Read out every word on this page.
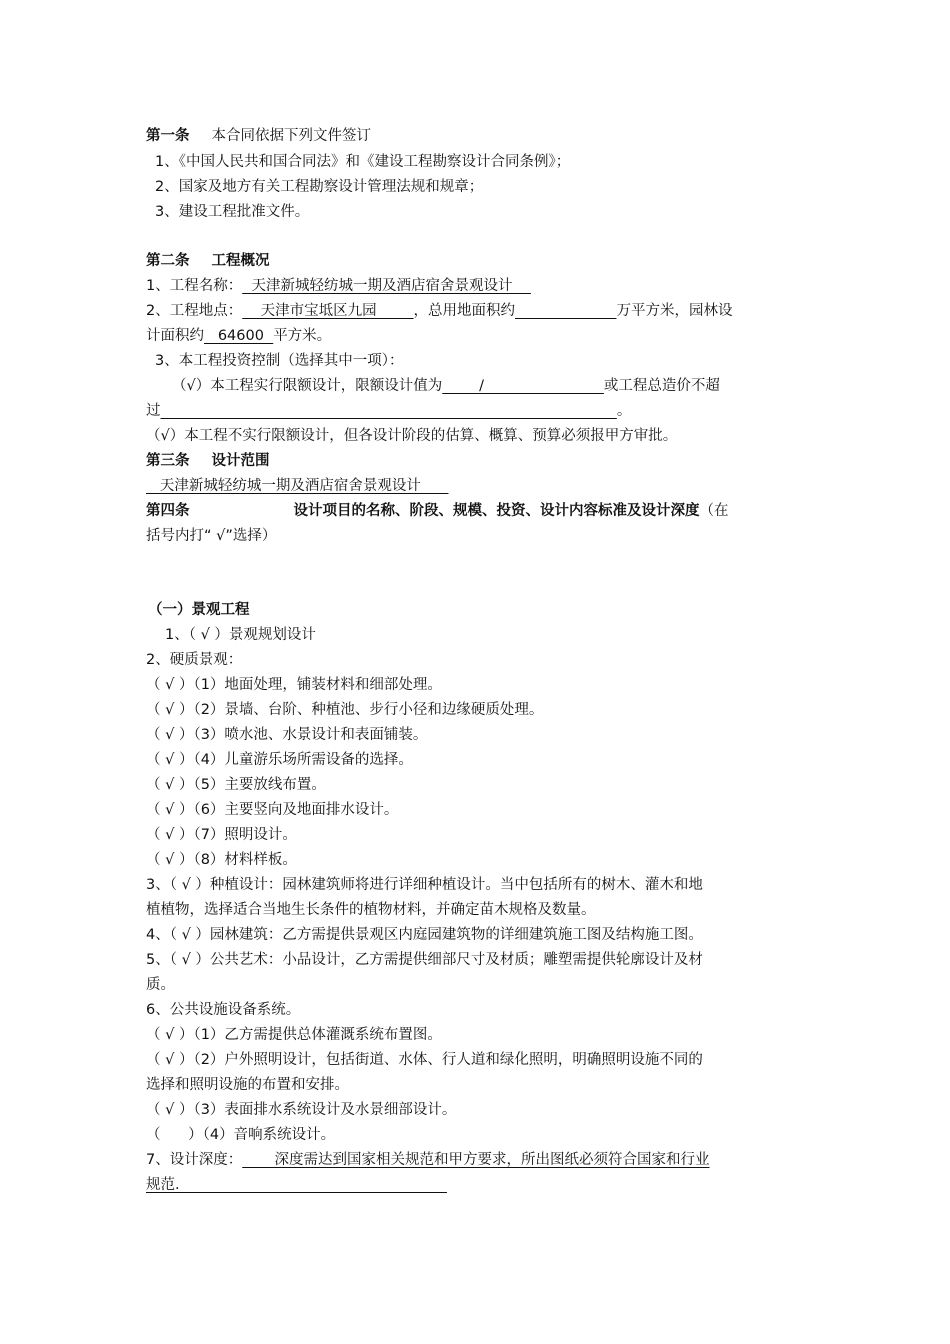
第一条 本合同依据下列文件签订
1、《中国人民共和国合同法》和《建设工程勘察设计合同条例》；
2、国家及地方有关工程勘察设计管理法规和规章；
3、建设工程批准文件。
第二条 工程概况
1、工程名称：  天津新城轻纺城一期及酒店宿舍景观设计
2、工程地点：    天津市宝坻区九园        ，总用地面积约	万平方米，园林设
计面积约   64600  平方米。
3、本工程投资控制（选择其中一项）：
（√）本工程实行限额设计，限额设计值为        /                          或工程总造价不超
过	。
（√）本工程不实行限额设计，但各设计阶段的估算、概算、预算必须报甲方审批。
第三条 设计范围
天津新城轻纺城一期及酒店宿舍景观设计
第四条	设计项目的名称、阶段、规模、投资、设计内容标准及设计深度（在
括号内打“ √”选择）
（一）景观工程
1、（ √ ）景观规划设计
2、硬质景观：
（ √ ）（1）地面处理，铺装材料和细部处理。
（ √ ）（2）景墙、台阶、种植池、步行小径和边缘硬质处理。
（ √ ）（3）喷水池、水景设计和表面铺装。
（ √ ）（4）儿童游乐场所需设备的选择。
（ √ ）（5）主要放线布置。
（ √ ）（6）主要竖向及地面排水设计。
（ √ ）（7）照明设计。
（ √ ）（8）材料样板。
3、（ √ ）种植设计：园林建筑师将进行详细种植设计。当中包括所有的树木、灌木和地
植植物，选择适合当地生长条件的植物材料，并确定苗木规格及数量。
4、（ √ ）园林建筑：乙方需提供景观区内庭园建筑物的详细建筑施工图及结构施工图。
5、（ √ ）公共艺术：小品设计，乙方需提供细部尺寸及材质；雕塑需提供轮廓设计及材
质。
6、公共设施设备系统。
（ √ ）（1）乙方需提供总体灌溉系统布置图。
（ √ ）（2）户外照明设计，包括街道、水体、行人道和绿化照明，明确照明设施不同的
选择和照明设施的布置和安排。
（ √ ）（3）表面排水系统设计及水景细部设计。
（      ）（4）音响系统设计。
7、设计深度：       深度需达到国家相关规范和甲方要求，所出图纸必须符合国家和行业
规范.
